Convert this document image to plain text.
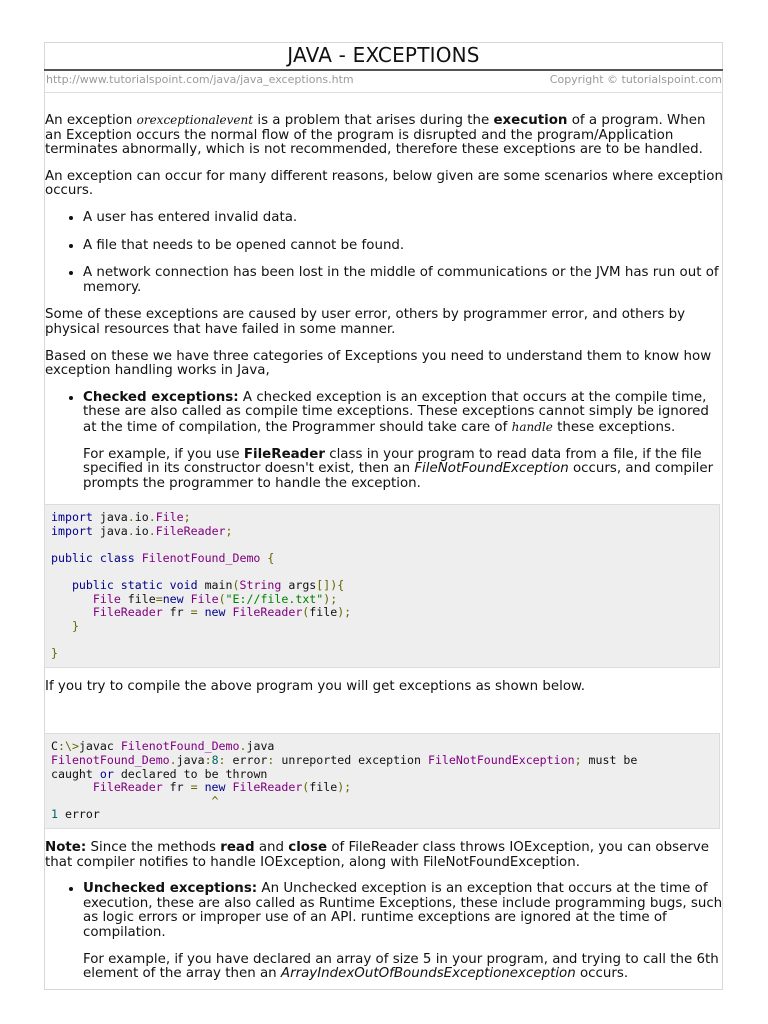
JAVA - EXCEPTIONS
http://www.tutorialspoint.com/java/java_exceptions.htm	Copyright © tutorialspoint.com

An exception orexceptionalevent is a problem that arises during the execution of a program. When an Exception occurs the normal flow of the program is disrupted and the program/Application terminates abnormally, which is not recommended, therefore these exceptions are to be handled.

An exception can occur for many different reasons, below given are some scenarios where exception occurs.

• A user has entered invalid data.
• A file that needs to be opened cannot be found.
• A network connection has been lost in the middle of communications or the JVM has run out of memory.

Some of these exceptions are caused by user error, others by programmer error, and others by physical resources that have failed in some manner.

Based on these we have three categories of Exceptions you need to understand them to know how exception handling works in Java,

• Checked exceptions: A checked exception is an exception that occurs at the compile time, these are also called as compile time exceptions. These exceptions cannot simply be ignored at the time of compilation, the Programmer should take care of handle these exceptions.

For example, if you use FileReader class in your program to read data from a file, if the file specified in its constructor doesn't exist, then an FileNotFoundException occurs, and compiler prompts the programmer to handle the exception.

import java.io.File;
import java.io.FileReader;

public class FilenotFound_Demo {

public static void main(String args[]){
File file=new File("E://file.txt");
FileReader fr = new FileReader(file);
}

}

If you try to compile the above program you will get exceptions as shown below.

C:\>javac FilenotFound_Demo.java
FilenotFound_Demo.java:8: error: unreported exception FileNotFoundException; must be
caught or declared to be thrown
FileReader fr = new FileReader(file);
^
1 error

Note: Since the methods read and close of FileReader class throws IOException, you can observe that compiler notifies to handle IOException, along with FileNotFoundException.

• Unchecked exceptions: An Unchecked exception is an exception that occurs at the time of execution, these are also called as Runtime Exceptions, these include programming bugs, such as logic errors or improper use of an API. runtime exceptions are ignored at the time of compilation.

For example, if you have declared an array of size 5 in your program, and trying to call the 6th element of the array then an ArrayIndexOutOfBoundsExceptionexception occurs.
